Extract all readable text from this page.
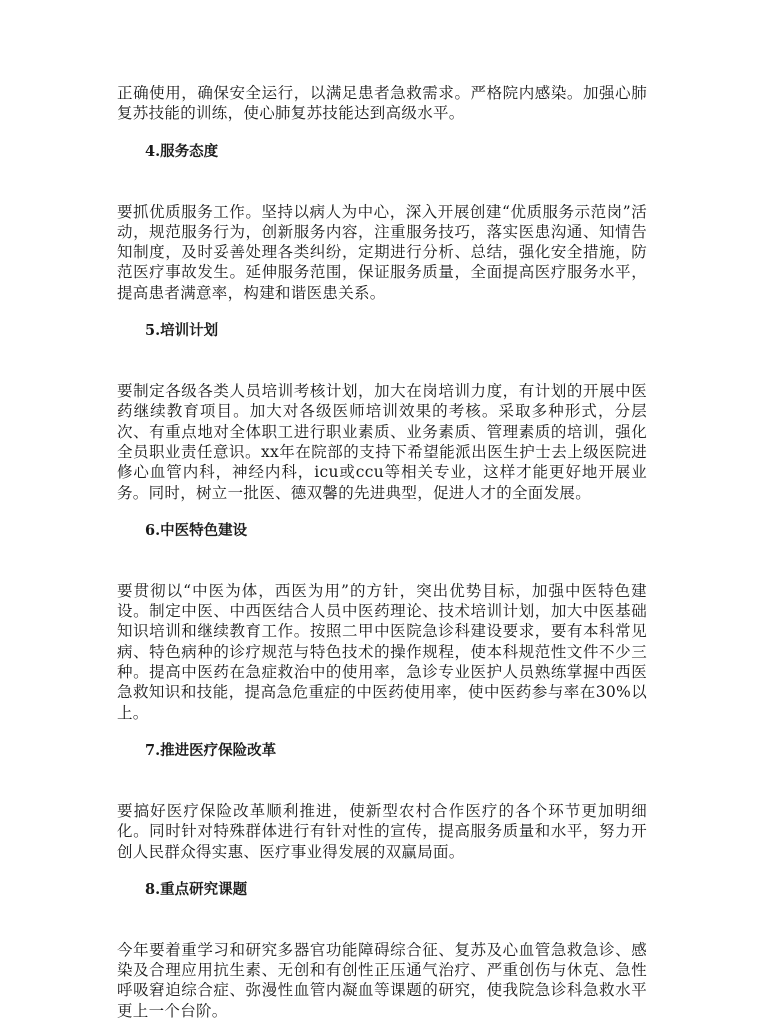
正确使用，确保安全运行，以满足患者急救需求。严格院内感染。加强心肺复苏技能的训练，使心肺复苏技能达到高级水平。

4.服务态度

要抓优质服务工作。坚持以病人为中心，深入开展创建“优质服务示范岗”活动，规范服务行为，创新服务内容，注重服务技巧，落实医患沟通、知情告知制度，及时妥善处理各类纠纷，定期进行分析、总结，强化安全措施，防范医疗事故发生。延伸服务范围，保证服务质量，全面提高医疗服务水平，提高患者满意率，构建和谐医患关系。

5.培训计划

要制定各级各类人员培训考核计划，加大在岗培训力度，有计划的开展中医药继续教育项目。加大对各级医师培训效果的考核。采取多种形式，分层次、有重点地对全体职工进行职业素质、业务素质、管理素质的培训，强化全员职业责任意识。xx年在院部的支持下希望能派出医生护士去上级医院进修心血管内科，神经内科，icu或ccu等相关专业，这样才能更好地开展业务。同时，树立一批医、德双馨的先进典型，促进人才的全面发展。

6.中医特色建设

要贯彻以“中医为体，西医为用”的方针，突出优势目标，加强中医特色建设。制定中医、中西医结合人员中医药理论、技术培训计划，加大中医基础知识培训和继续教育工作。按照二甲中医院急诊科建设要求，要有本科常见病、特色病种的诊疗规范与特色技术的操作规程，使本科规范性文件不少三种。提高中医药在急症救治中的使用率，急诊专业医护人员熟练掌握中西医急救知识和技能，提高急危重症的中医药使用率，使中医药参与率在30%以上。

7.推进医疗保险改革

要搞好医疗保险改革顺利推进，使新型农村合作医疗的各个环节更加明细化。同时针对特殊群体进行有针对性的宣传，提高服务质量和水平，努力开创人民群众得实惠、医疗事业得发展的双赢局面。

8.重点研究课题

今年要着重学习和研究多器官功能障碍综合征、复苏及心血管急救急诊、感染及合理应用抗生素、无创和有创性正压通气治疗、严重创伤与休克、急性呼吸窘迫综合症、弥漫性血管内凝血等课题的研究，使我院急诊科急救水平更上一个台阶。
